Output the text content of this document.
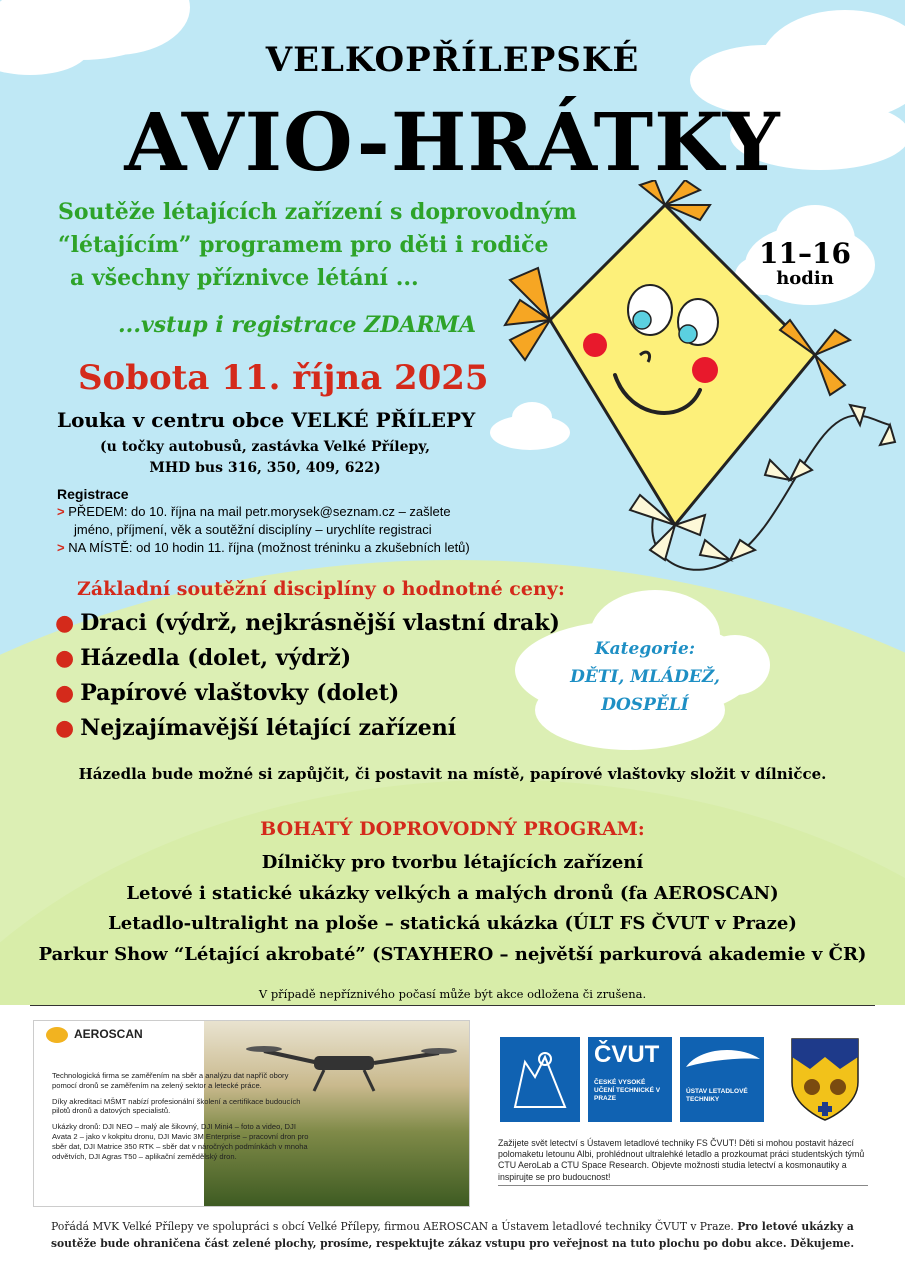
VELKOPŘÍLEPSKÉ
AVIO-HRÁTKY
Soutěže létajících zařízení s doprovodným
“létajícím” programem pro děti i rodiče
a všechny příznivce létání ...
...vstup i registrace ZDARMA
11–16
hodin
Sobota 11. října 2025
Louka v centru obce VELKÉ PŘÍLEPY
(u točky autobusů, zastávka Velké Přílepy,
MHD bus 316, 350, 409, 622)
Registrace
> PŘEDEM: do 10. října na mail petr.morysek@seznam.cz – zašlete
jméno, příjmení, věk a soutěžní disciplíny – urychlíte registraci
> NA MÍSTĚ: od 10 hodin 11. října (možnost tréninku a zkušebních letů)
Základní soutěžní disciplíny o hodnotné ceny:
● Draci (výdrž, nejkrásnější vlastní drak)
● Házedla (dolet, výdrž)
● Papírové vlaštovky (dolet)
● Nejzajímavější létající zařízení
Kategorie:
DĚTI, MLÁDEŽ,
DOSPĚLÍ
Házedla bude možné si zapůjčit, či postavit na místě, papírové vlaštovky složit v dílničce.
BOHATÝ DOPROVODNÝ PROGRAM:
Dílničky pro tvorbu létajících zařízení
Letové i statické ukázky velkých a malých dronů (fa AEROSCAN)
Letadlo-ultralight na ploše – statická ukázka (ÚLT FS ČVUT v Praze)
Parkur Show “Létající akrobaté” (STAYHERO – největší parkurová akademie v ČR)
V případě nepříznivého počasí může být akce odložena či zrušena.
AEROSCAN

Technologická firma se zaměřením na sběr a analýzu dat napříč obory pomocí dronů se zaměřením na zelený sektor a letecké práce.

Díky akreditaci MŠMT nabízí profesionální školení a certifikace budoucích pilotů dronů a datových specialistů.

Ukázky dronů: DJI NEO – malý ale šikovný, DJI Mini4 – foto a video, DJI Avata 2 – jako v kokpitu dronu, DJI Mavic 3M Enterprise – pracovní dron pro sběr dat, DJI Matrice 350 RTK – sběr dat v náročných podmínkách v mnoha odvětvích, DJI Agras T50 – aplikační zemědělský dron.

ČVUT
ČESKÉ VYSOKÉ UČENÍ TECHNICKÉ V PRAZE
ÚSTAV LETADLOVÉ TECHNIKY
Zažijete svět letectví s Ústavem letadlové techniky FS ČVUT! Děti si mohou postavit házecí polomaketu letounu Albi, prohlédnout ultralehké letadlo a prozkoumat práci studentských týmů CTU AeroLab a CTU Space Research. Objevte možnosti studia letectví a kosmonautiky a inspirujte se pro budoucnost!
Pořádá MVK Velké Přílepy ve spolupráci s obcí Velké Přílepy, firmou AEROSCAN a Ústavem letadlové techniky ČVUT v Praze. Pro letové ukázky a soutěže bude ohraničena část zelené plochy, prosíme, respektujte zákaz vstupu pro veřejnost na tuto plochu po dobu akce. Děkujeme.
